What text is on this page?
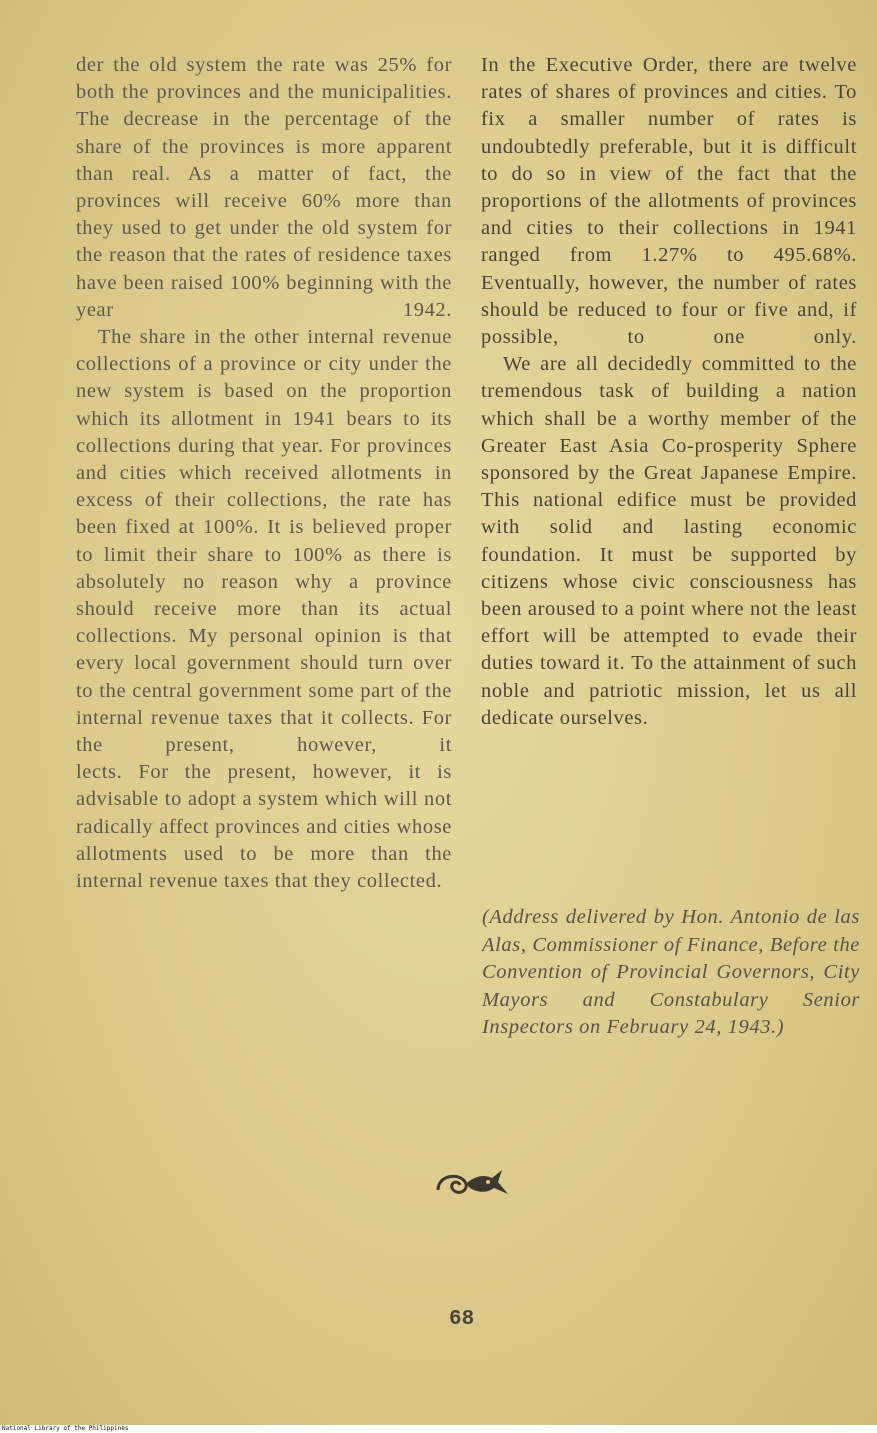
der the old system the rate was 25% for both the provinces and the municipalities. The decrease in the percentage of the share of the provinces is more apparent than real. As a matter of fact, the provinces will receive 60% more than they used to get under the old system for the reason that the rates of residence taxes have been raised 100% beginning with the year 1942.

The share in the other internal revenue collections of a province or city under the new system is based on the proportion which its allotment in 1941 bears to its collections during that year. For provinces and cities which received allotments in excess of their collections, the rate has been fixed at 100%. It is believed proper to limit their share to 100% as there is absolutely no reason why a province should receive more than its actual collections. My personal opinion is that every local government should turn over to the central government some part of the internal revenue taxes that it collects. For the present, however, it

lects. For the present, however, it is advisable to adopt a system which will not radically affect provinces and cities whose allotments used to be more than the internal revenue taxes that they collected.

In the Executive Order, there are twelve rates of shares of provinces and cities. To fix a smaller number of rates is undoubtedly preferable, but it is difficult to do so in view of the fact that the proportions of the allotments of provinces and cities to their collections in 1941 ranged from 1.27% to 495.68%. Eventually, however, the number of rates should be reduced to four or five and, if possible, to one only.

We are all decidedly committed to the tremendous task of building a nation which shall be a worthy member of the Greater East Asia Co-prosperity Sphere sponsored by the Great Japanese Empire. This national edifice must be provided with solid and lasting economic foundation. It must be supported by citizens whose civic consciousness has been aroused to a point where not the least effort will be attempted to evade their duties toward it. To the attainment of such noble and patriotic mission, let us all dedicate ourselves.

(Address delivered by Hon. Antonio de las Alas, Commissioner of Finance, Before the Convention of Provincial Governors, City Mayors and Constabulary Senior Inspectors on February 24, 1943.)

68
National Library of the Philippines
